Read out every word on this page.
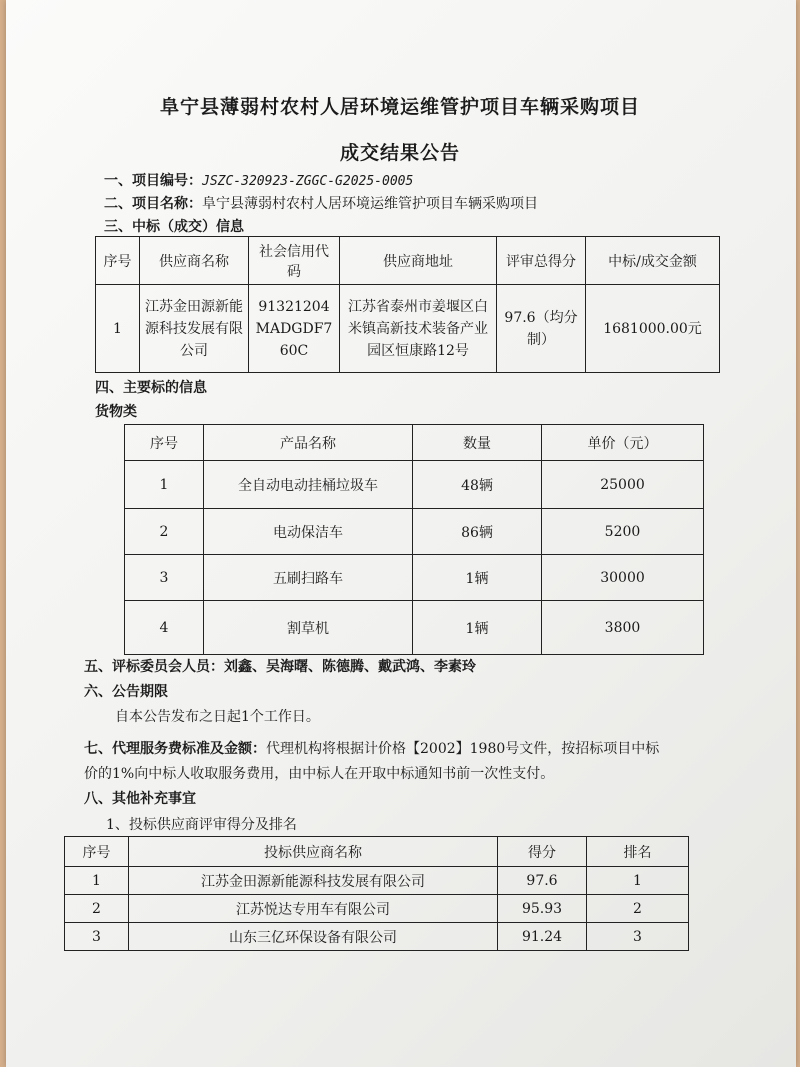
阜宁县薄弱村农村人居环境运维管护项目车辆采购项目
成交结果公告
一、项目编号：JSZC-320923-ZGGC-G2025-0005
二、项目名称：阜宁县薄弱村农村人居环境运维管护项目车辆采购项目
三、中标（成交）信息
序号	供应商名称	社会信用代码	供应商地址	评审总得分	中标/成交金额
1	江苏金田源新能源科技发展有限公司	91321204MADGDF760C	江苏省泰州市姜堰区白米镇高新技术装备产业园区恒康路12号	97.6（均分制）	1681000.00元
四、主要标的信息
货物类
序号	产品名称	数量	单价（元）
1	全自动电动挂桶垃圾车	48辆	25000
2	电动保洁车	86辆	5200
3	五刷扫路车	1辆	30000
4	割草机	1辆	3800
五、评标委员会人员：刘鑫、吴海曙、陈德腾、戴武鸿、李素玲
六、公告期限
自本公告发布之日起1个工作日。
七、代理服务费标准及金额：代理机构将根据计价格【2002】1980号文件，按招标项目中标
价的1%向中标人收取服务费用，由中标人在开取中标通知书前一次性支付。
八、其他补充事宜
1、投标供应商评审得分及排名
序号	投标供应商名称	得分	排名
1	江苏金田源新能源科技发展有限公司	97.6	1
2	江苏悦达专用车有限公司	95.93	2
3	山东三亿环保设备有限公司	91.24	3
